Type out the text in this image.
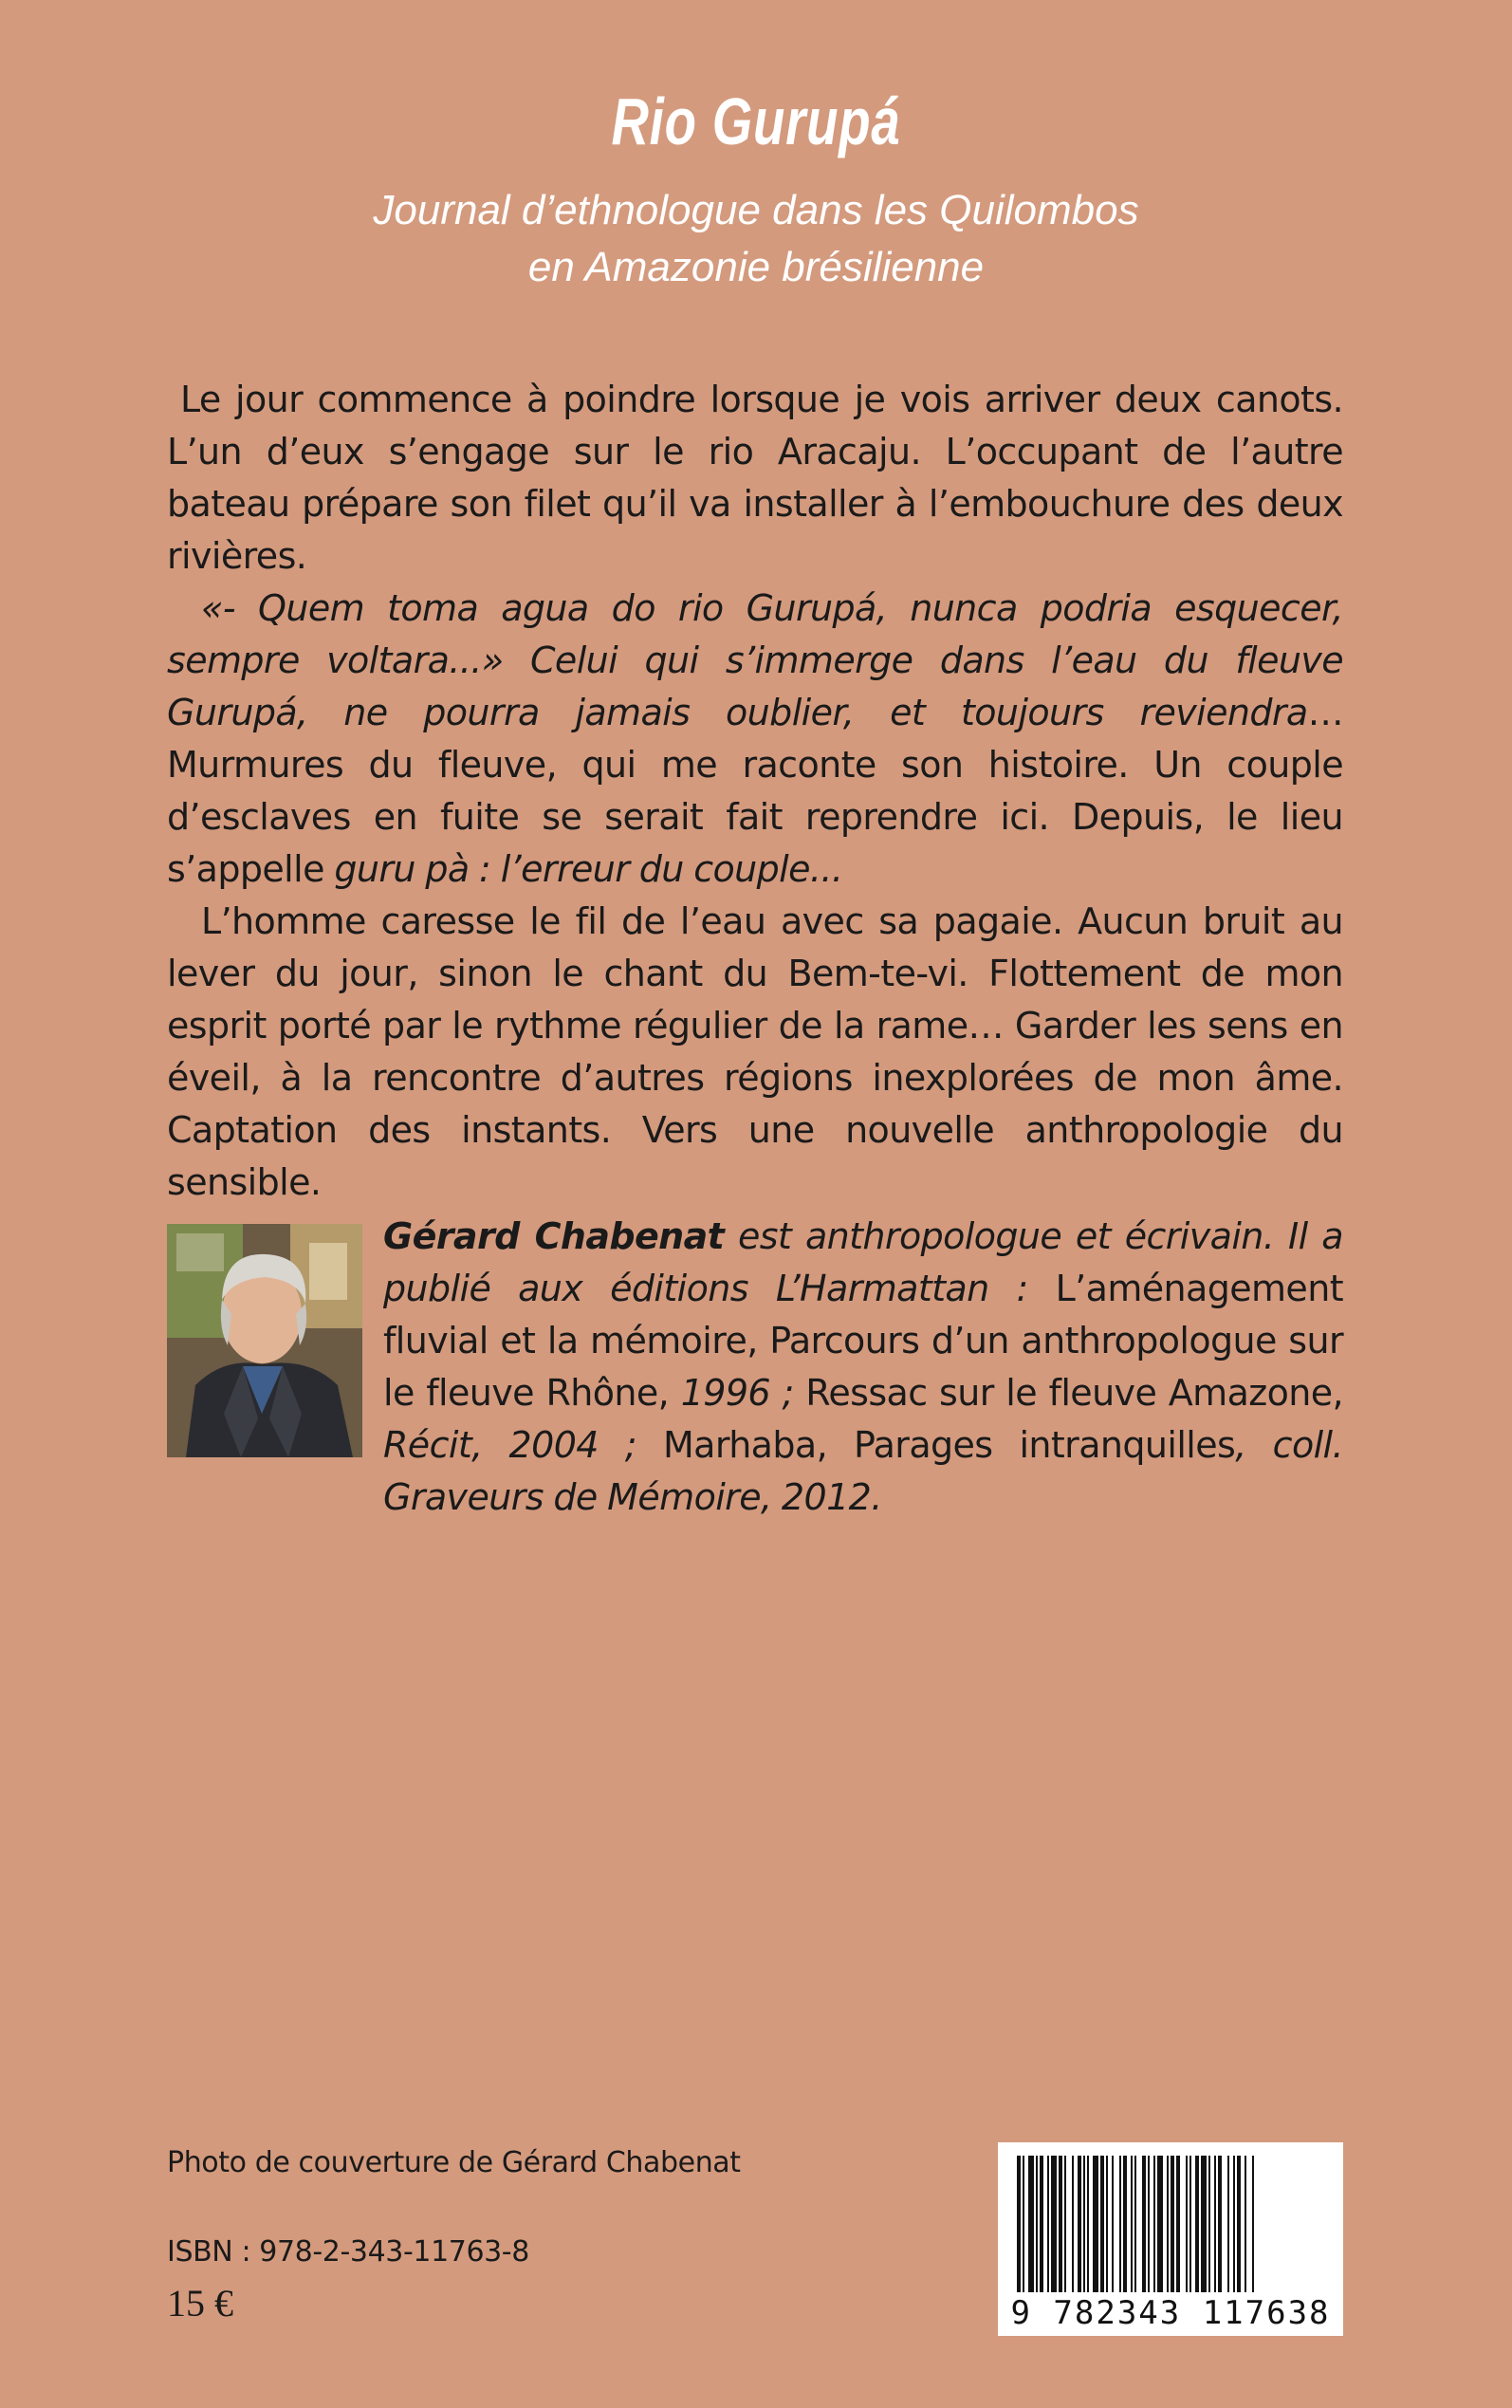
Rio Gurupá
Journal d’ethnologue dans les Quilombos
en Amazonie brésilienne

Le jour commence à poindre lorsque je vois arriver deux canots. L’un d’eux s’engage sur le rio Aracaju. L’occupant de l’autre bateau prépare son filet qu’il va installer à l’embouchure des deux rivières.

«- Quem toma agua do rio Gurupá, nunca podria esquecer, sempre voltara...» Celui qui s’immerge dans l’eau du fleuve Gurupá, ne pourra jamais oublier, et toujours reviendra… Murmures du fleuve, qui me raconte son histoire. Un couple d’esclaves en fuite se serait fait reprendre ici. Depuis, le lieu s’appelle guru pà : l’erreur du couple...

L’homme caresse le fil de l’eau avec sa pagaie. Aucun bruit au lever du jour, sinon le chant du Bem-te-vi. Flottement de mon esprit porté par le rythme régulier de la rame… Garder les sens en éveil, à la rencontre d’autres régions inexplorées de mon âme. Captation des instants. Vers une nouvelle anthropologie du sensible.

Gérard Chabenat est anthropologue et écrivain. Il a publié aux éditions L’Harmattan : L’aménagement fluvial et la mémoire, Parcours d’un anthropologue sur le fleuve Rhône, 1996 ; Ressac sur le fleuve Amazone, Récit, 2004 ; Marhaba, Parages intranquilles, coll. Graveurs de Mémoire, 2012.
Photo de couverture de Gérard Chabenat
ISBN : 978-2-343-11763-8
15 €	9 782343 117638
